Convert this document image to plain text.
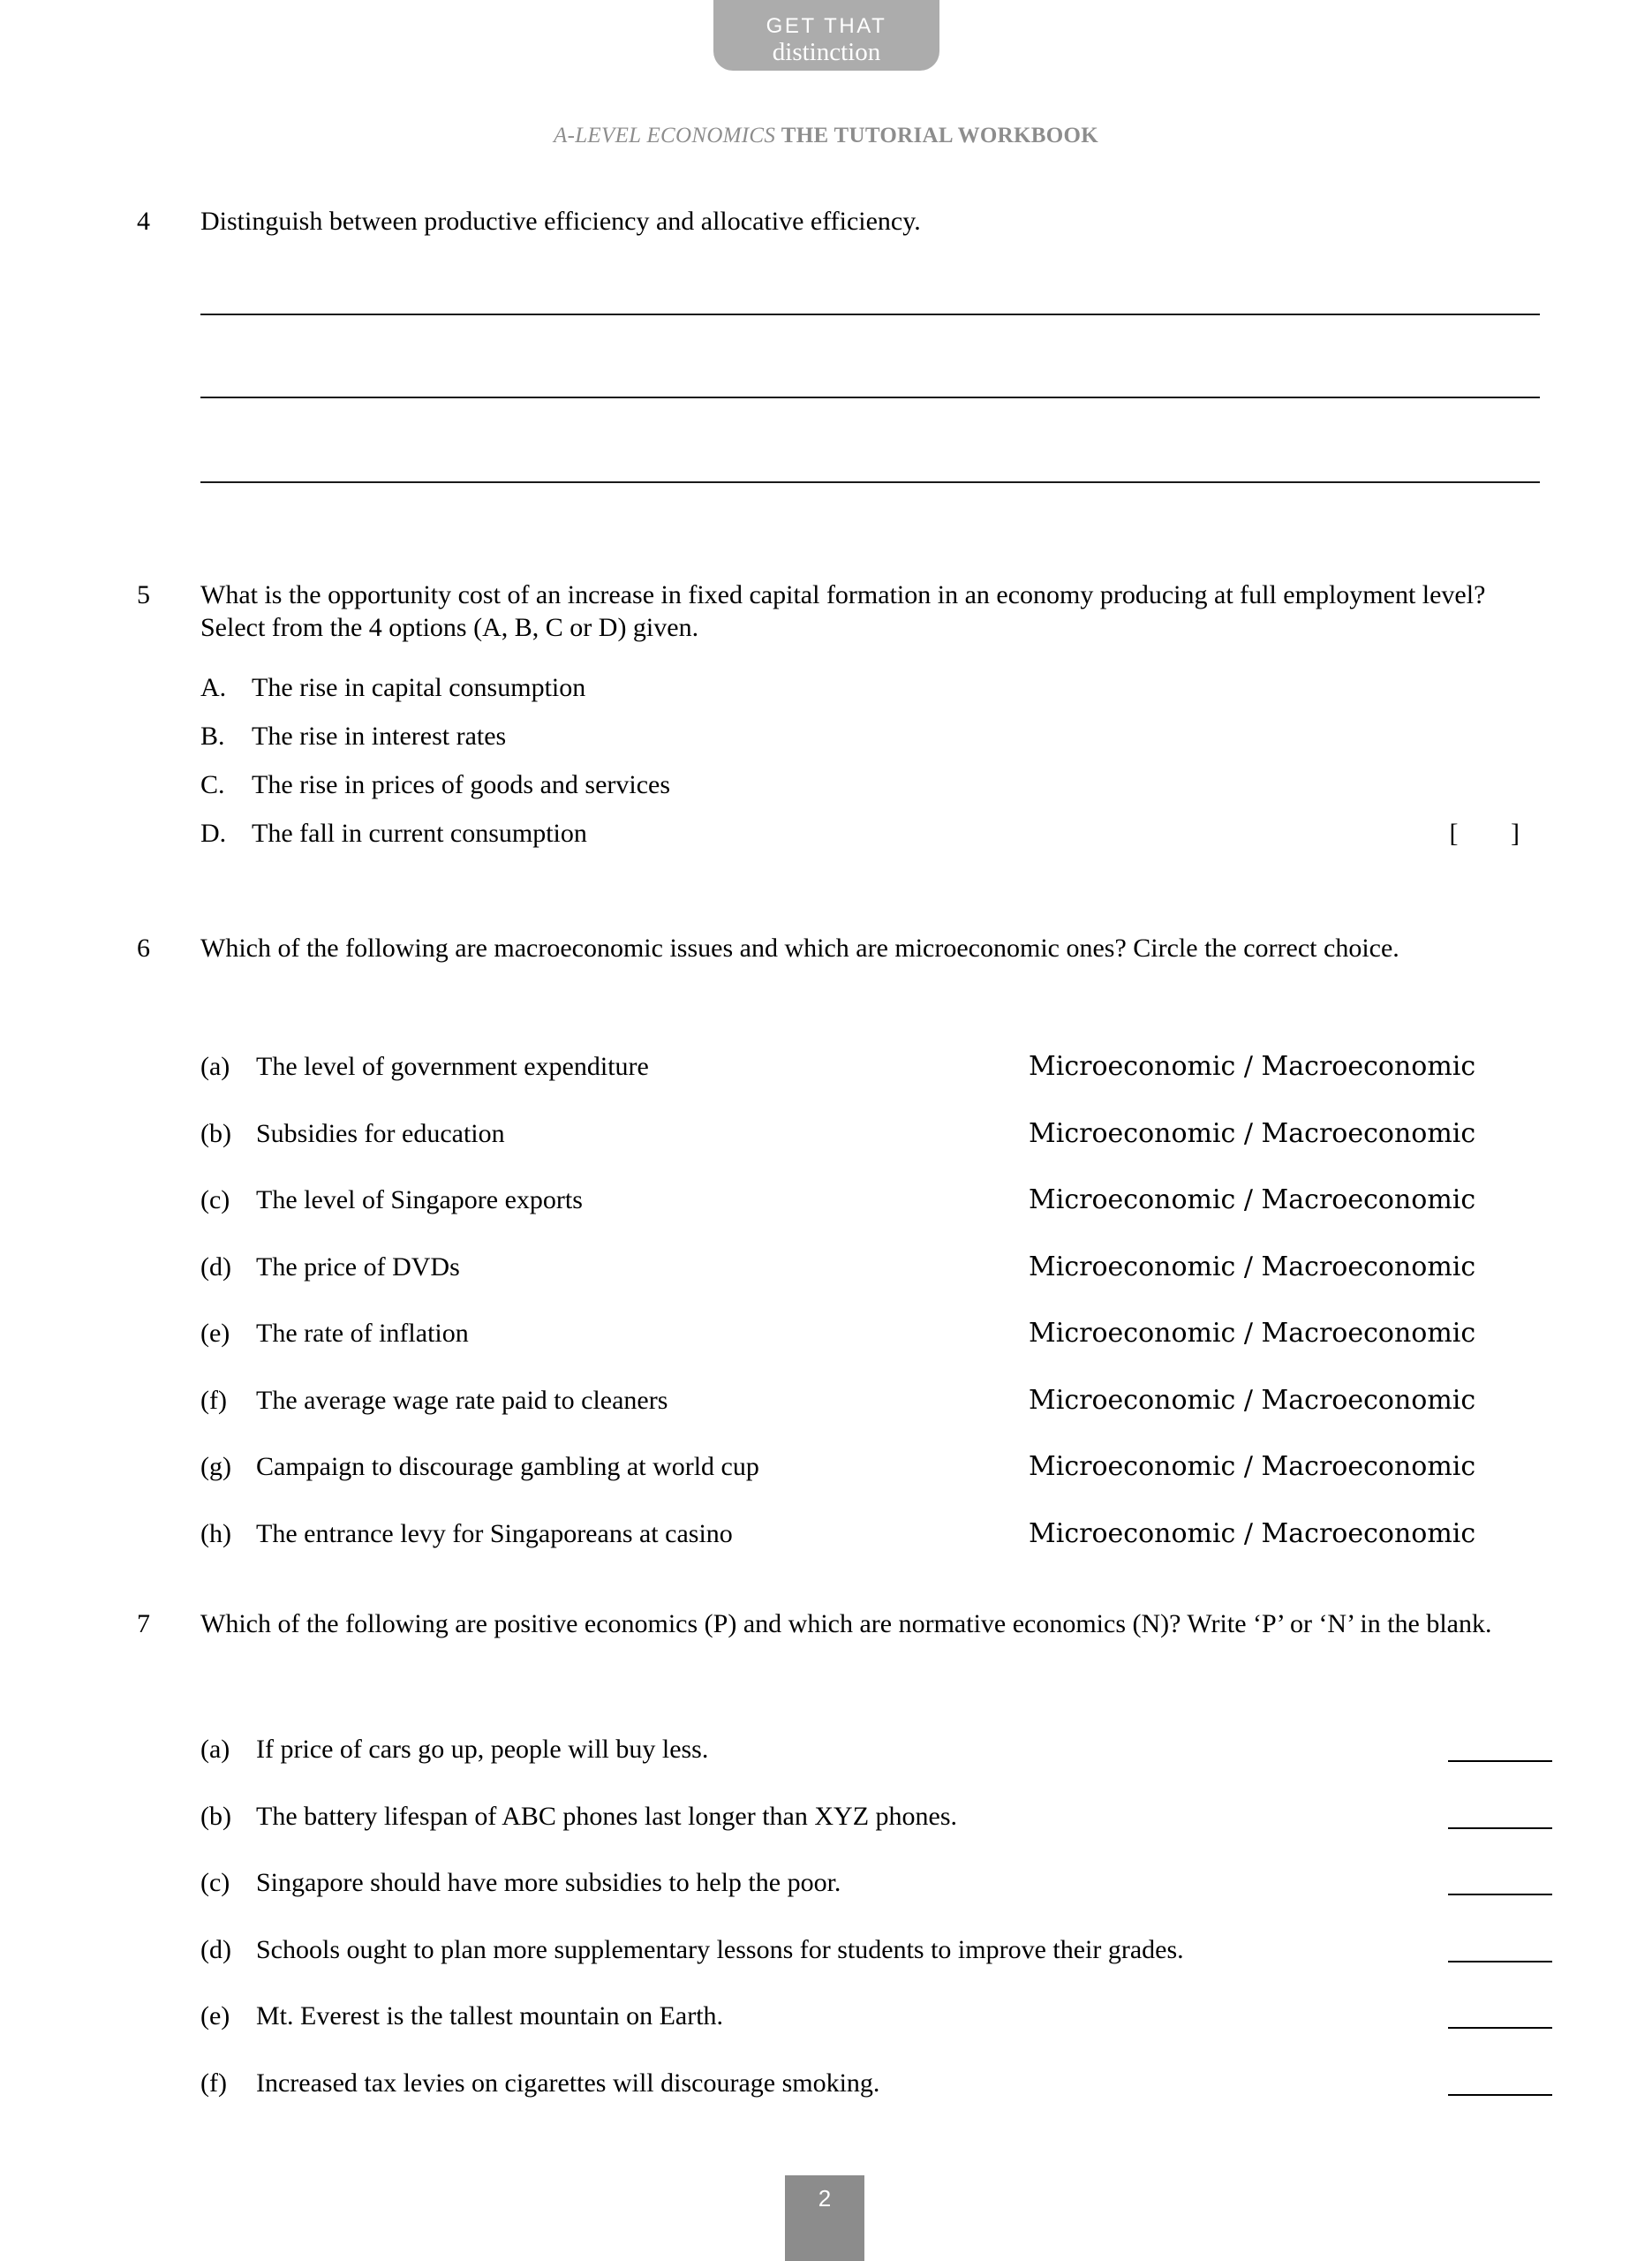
GET THAT
distinction
A-LEVEL ECONOMICS THE TUTORIAL WORKBOOK
4	Distinguish between productive efficiency and allocative efficiency.
5	What is the opportunity cost of an increase in fixed capital formation in an economy producing at full employment level? Select from the 4 options (A, B, C or D) given.
A. The rise in capital consumption
B. The rise in interest rates
C. The rise in prices of goods and services
D. The fall in current consumption	[ ]
6	Which of the following are macroeconomic issues and which are microeconomic ones? Circle the correct choice.
(a) The level of government expenditure	Microeconomic / Macroeconomic
(b) Subsidies for education	Microeconomic / Macroeconomic
(c) The level of Singapore exports	Microeconomic / Macroeconomic
(d) The price of DVDs	Microeconomic / Macroeconomic
(e) The rate of inflation	Microeconomic / Macroeconomic
(f) The average wage rate paid to cleaners	Microeconomic / Macroeconomic
(g) Campaign to discourage gambling at world cup	Microeconomic / Macroeconomic
(h) The entrance levy for Singaporeans at casino	Microeconomic / Macroeconomic
7	Which of the following are positive economics (P) and which are normative economics (N)? Write ‘P’ or ‘N’ in the blank.
(a) If price of cars go up, people will buy less.
(b) The battery lifespan of ABC phones last longer than XYZ phones.
(c) Singapore should have more subsidies to help the poor.
(d) Schools ought to plan more supplementary lessons for students to improve their grades.
(e) Mt. Everest is the tallest mountain on Earth.
(f) Increased tax levies on cigarettes will discourage smoking.
2
